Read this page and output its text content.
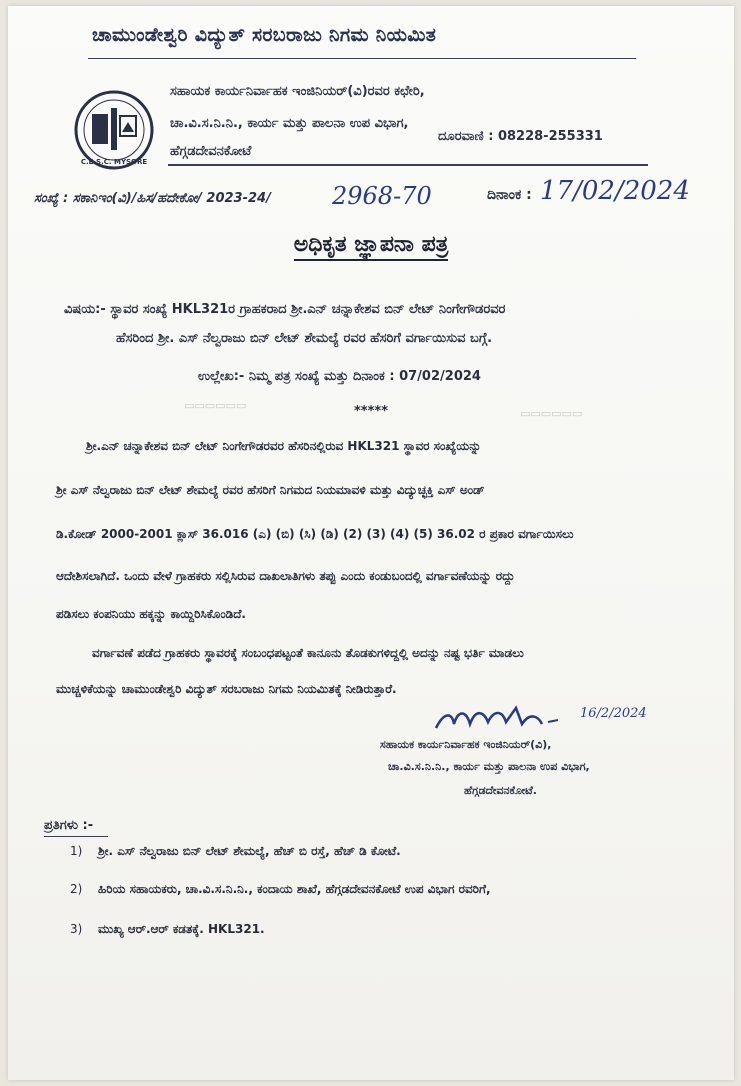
ಚಾಮುಂಡೇಶ್ವರಿ ವಿದ್ಯುತ್ ಸರಬರಾಜು ನಿಗಮ ನಿಯಮಿತ
C.E.S.C. MYSORE
ಸಹಾಯಕ ಕಾರ್ಯನಿರ್ವಾಹಕ ಇಂಜಿನಿಯರ್(ವಿ)ರವರ ಕಛೇರಿ,
ಚಾ.ವಿ.ಸ.ನಿ.ನಿ., ಕಾರ್ಯ ಮತ್ತು ಪಾಲನಾ ಉಪ ವಿಭಾಗ,
ಹೆಗ್ಗಡದೇವನಕೋಟೆ
ದೂರವಾಣಿ : 08228-255331
ಸಂಖ್ಯೆ : ಸಕಾನಿಇಂ(ವಿ)/ಹಿಸ/ಹದೇಕೋ/ 2023-24/	2968-70	ದಿನಾಂಕ : 17/02/2024
ಅಧಿಕೃತ ಜ್ಞಾಪನಾ ಪತ್ರ
ವಿಷಯ:- ಸ್ಥಾವರ ಸಂಖ್ಯೆ HKL321ರ ಗ್ರಾಹಕರಾದ ಶ್ರೀ.ಎನ್ ಚನ್ನಾಕೇಶವ ಬಿನ್ ಲೇಟ್ ನಿಂಗೇಗೌಡರವರ
ಹೆಸರಿಂದ ಶ್ರೀ. ಎಸ್ ನೆಲ್ವರಾಜು ಬಿನ್ ಲೇಟ್ ಶೇಮಲ್ಯೆ ರವರ ಹೆಸರಿಗೆ ವರ್ಗಾಯಿಸುವ ಬಗ್ಗೆ.
ಉಲ್ಲೇಖ:- ನಿಮ್ಮ ಪತ್ರ ಸಂಖ್ಯೆ ಮತ್ತು ದಿನಾಂಕ : 07/02/2024
*****
▭▭▭▭▭▭
▭▭▭▭▭▭
ಶ್ರೀ.ಎನ್ ಚನ್ನಾಕೇಶವ ಬಿನ್ ಲೇಟ್ ನಿಂಗೇಗೌಡರವರ ಹೆಸರಿನಲ್ಲಿರುವ HKL321 ಸ್ಥಾವರ ಸಂಖ್ಯೆಯನ್ನು
ಶ್ರೀ ಎಸ್ ನೆಲ್ವರಾಜು ಬಿನ್ ಲೇಟ್ ಶೇಮಲ್ಯೆ ರವರ ಹೆಸರಿಗೆ ನಿಗಮದ ನಿಯಮಾವಳಿ ಮತ್ತು ವಿದ್ಯುಚ್ಛಕ್ತಿ ಎಸ್ ಅಂಡ್
ಡಿ.ಕೋಡ್ 2000-2001 ಕ್ಲಾಸ್ 36.016 (ಎ) (ಬಿ) (ಸಿ) (ಡಿ) (2) (3) (4) (5) 36.02 ರ ಪ್ರಕಾರ ವರ್ಗಾಯಿಸಲು
ಆದೇಶಿಸಲಾಗಿದೆ. ಒಂದು ವೇಳೆ ಗ್ರಾಹಕರು ಸಲ್ಲಿಸಿರುವ ದಾಖಲಾತಿಗಳು ತಪ್ಪು ಎಂದು ಕಂಡುಬಂದಲ್ಲಿ ವರ್ಗಾವಣೆಯನ್ನು ರದ್ದು
ಪಡಿಸಲು ಕಂಪನಿಯು ಹಕ್ಕನ್ನು ಕಾಯ್ದಿರಿಸಿಕೊಂಡಿದೆ.
ವರ್ಗಾವಣೆ ಪಡೆದ ಗ್ರಾಹಕರು ಸ್ಥಾವರಕ್ಕೆ ಸಂಬಂಧಪಟ್ಟಂತೆ ಕಾನೂನು ತೊಡಕುಗಳಿದ್ದಲ್ಲಿ ಅದನ್ನು ನಷ್ಟ ಭರ್ತಿ ಮಾಡಲು
ಮುಚ್ಚಳಿಕೆಯನ್ನು ಚಾಮುಂಡೇಶ್ವರಿ ವಿದ್ಯುತ್ ಸರಬರಾಜು ನಿಗಮ ನಿಯಮಿತಕ್ಕೆ ನೀಡಿರುತ್ತಾರೆ.
16/2/2024
ಸಹಾಯಕ ಕಾರ್ಯನಿರ್ವಾಹಕ ಇಂಜಿನಿಯರ್(ವಿ),
ಚಾ.ವಿ.ಸ.ನಿ.ನಿ., ಕಾರ್ಯ ಮತ್ತು ಪಾಲನಾ ಉಪ ವಿಭಾಗ,
ಹೆಗ್ಗಡದೇವನಕೋಟೆ.
ಪ್ರತಿಗಳು :-
1) ಶ್ರೀ. ಎಸ್ ನೆಲ್ವರಾಜು ಬಿನ್ ಲೇಟ್ ಶೇಮಲ್ಯೆ, ಹೆಚ್ ಬಿ ರಸ್ತೆ, ಹೆಚ್ ಡಿ ಕೋಟೆ.
2) ಹಿರಿಯ ಸಹಾಯಕರು, ಚಾ.ವಿ.ಸ.ನಿ.ನಿ., ಕಂದಾಯ ಶಾಖೆ, ಹೆಗ್ಗಡದೇವನಕೋಟೆ ಉಪ ವಿಭಾಗ ರವರಿಗೆ,
3) ಮುಖ್ಯ ಆರ್.ಆರ್ ಕಡತಕ್ಕೆ. HKL321.
